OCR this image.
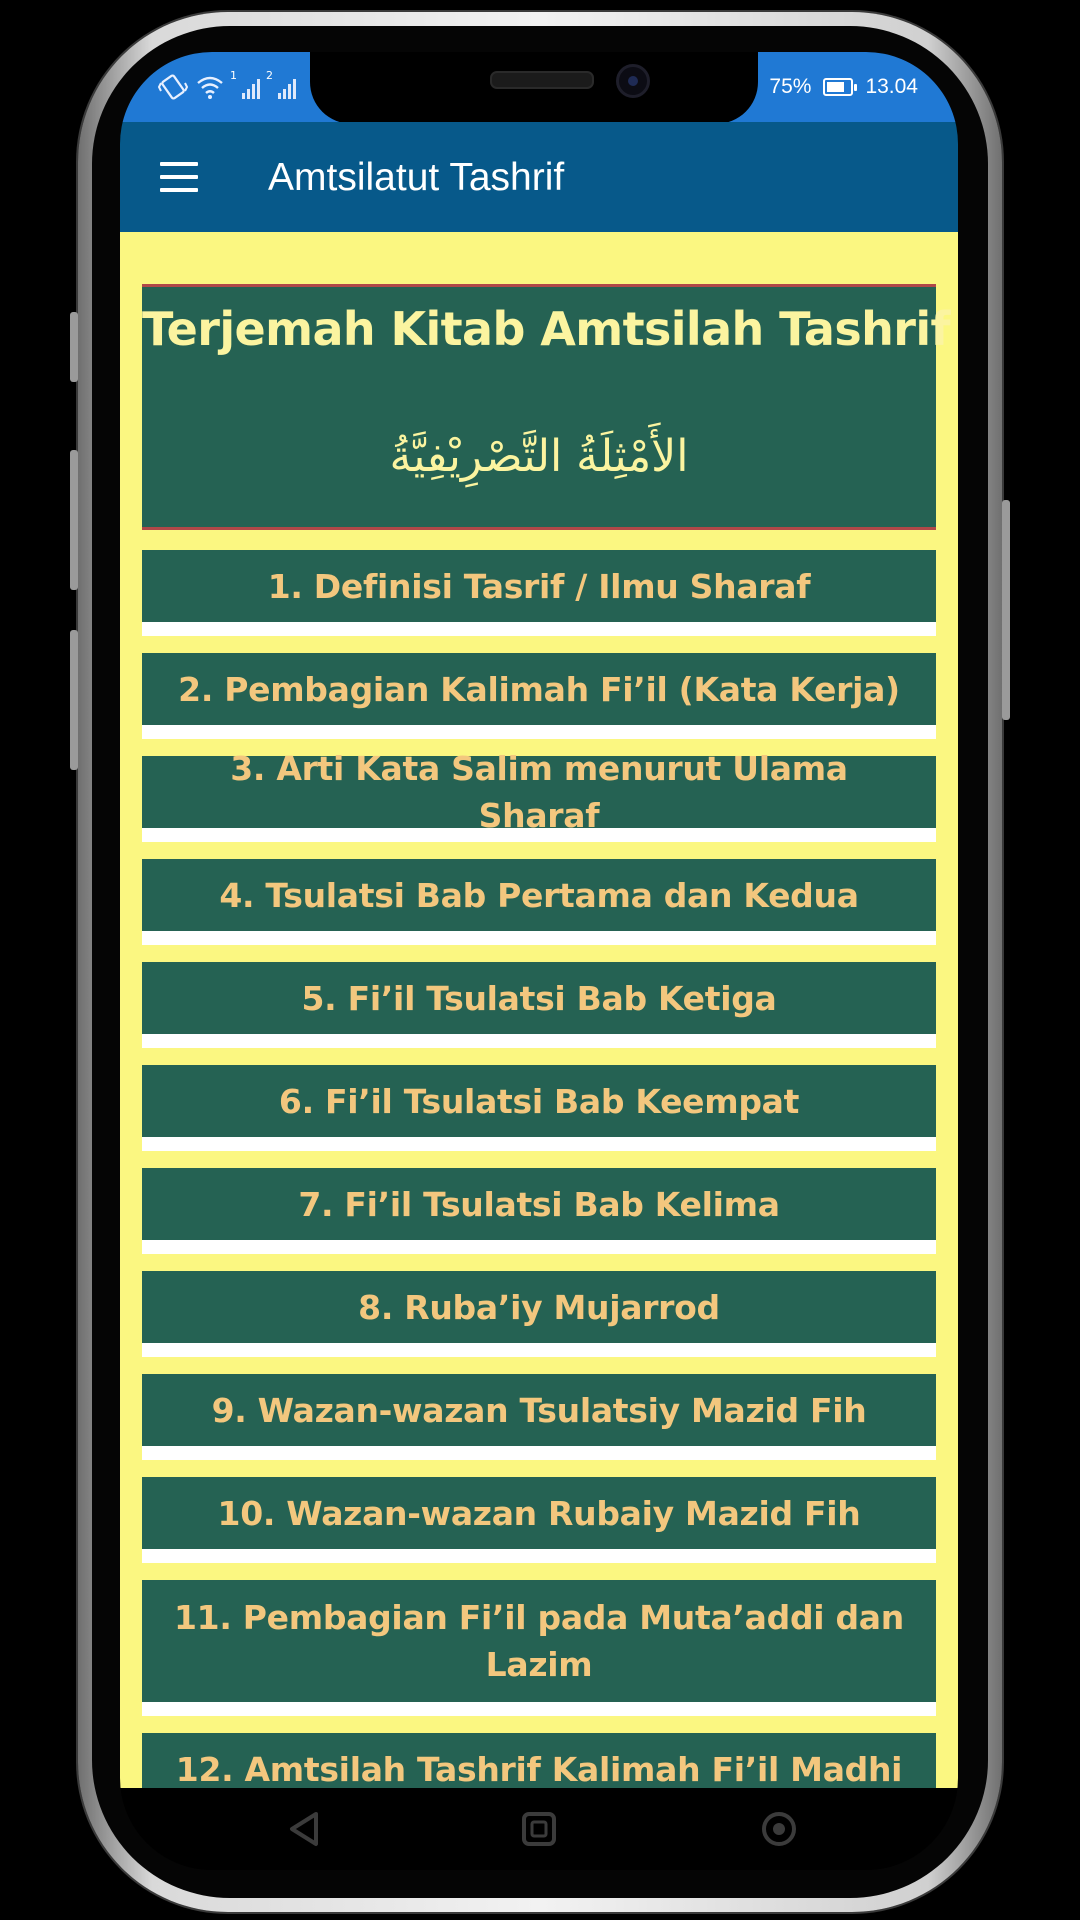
1	2	75%	13.04
Amtsilatut Tashrif
Terjemah Kitab Amtsilah Tashrif
الأَمْثِلَةُ التَّصْرِيْفِيَّةُ
1. Definisi Tasrif / Ilmu Sharaf
2. Pembagian Kalimah Fi’il (Kata Kerja)
3. Arti Kata Salim menurut Ulama Sharaf
4. Tsulatsi Bab Pertama dan Kedua
5. Fi’il Tsulatsi Bab Ketiga
6. Fi’il Tsulatsi Bab Keempat
7. Fi’il Tsulatsi Bab Kelima
8. Ruba’iy Mujarrod
9. Wazan-wazan Tsulatsiy Mazid Fih
10. Wazan-wazan Rubaiy Mazid Fih
11. Pembagian Fi’il pada Muta’addi dan Lazim
12. Amtsilah Tashrif Kalimah Fi’il Madhi
